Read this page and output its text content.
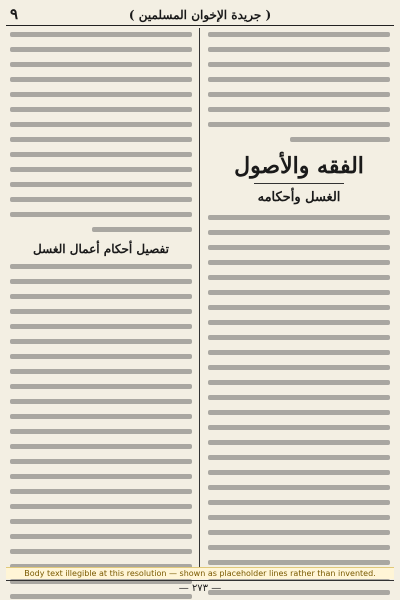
( جريدة الإخوان المسلمين )
٩
الفقه والأصول
الغسل وأحكامه
تفصيل أحكام أعمال الغسل
Body text illegible at this resolution — shown as placeholder lines rather than invented.
— ٢٧٣ —
